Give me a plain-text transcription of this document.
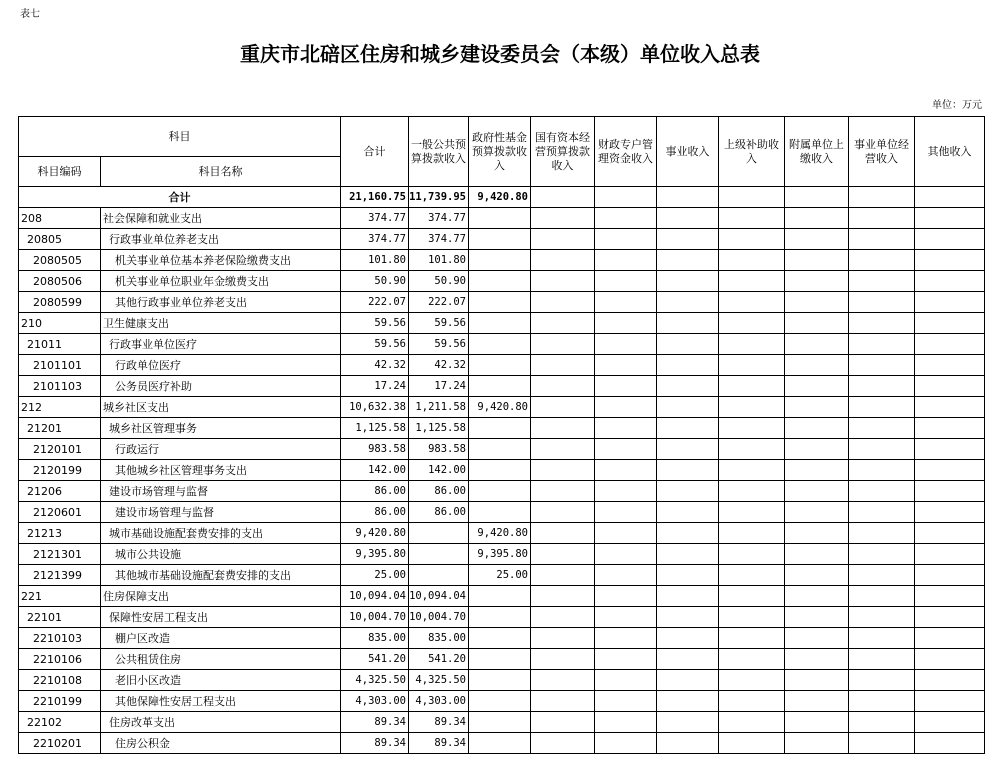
表七
重庆市北碚区住房和城乡建设委员会（本级）单位收入总表
单位：万元
科目		合计	一般公共预算拨款收入	政府性基金预算拨款收入	国有资本经营预算拨款收入	财政专户管理资金收入	事业收入	上级补助收入	附属单位上缴收入	事业单位经营收入	其他收入
科目编码	科目名称										
合计		21,160.75	11,739.95	9,420.80							
208	社会保障和就业支出	374.77	374.77								
20805	行政事业单位养老支出	374.77	374.77								
2080505	机关事业单位基本养老保险缴费支出	101.80	101.80								
2080506	机关事业单位职业年金缴费支出	50.90	50.90								
2080599	其他行政事业单位养老支出	222.07	222.07								
210	卫生健康支出	59.56	59.56								
21011	行政事业单位医疗	59.56	59.56								
2101101	行政单位医疗	42.32	42.32								
2101103	公务员医疗补助	17.24	17.24								
212	城乡社区支出	10,632.38	1,211.58	9,420.80							
21201	城乡社区管理事务	1,125.58	1,125.58								
2120101	行政运行	983.58	983.58								
2120199	其他城乡社区管理事务支出	142.00	142.00								
21206	建设市场管理与监督	86.00	86.00								
2120601	建设市场管理与监督	86.00	86.00								
21213	城市基础设施配套费安排的支出	9,420.80		9,420.80							
2121301	城市公共设施	9,395.80		9,395.80							
2121399	其他城市基础设施配套费安排的支出	25.00		25.00							
221	住房保障支出	10,094.04	10,094.04								
22101	保障性安居工程支出	10,004.70	10,004.70								
2210103	棚户区改造	835.00	835.00								
2210106	公共租赁住房	541.20	541.20								
2210108	老旧小区改造	4,325.50	4,325.50								
2210199	其他保障性安居工程支出	4,303.00	4,303.00								
22102	住房改革支出	89.34	89.34								
2210201	住房公积金	89.34	89.34								
